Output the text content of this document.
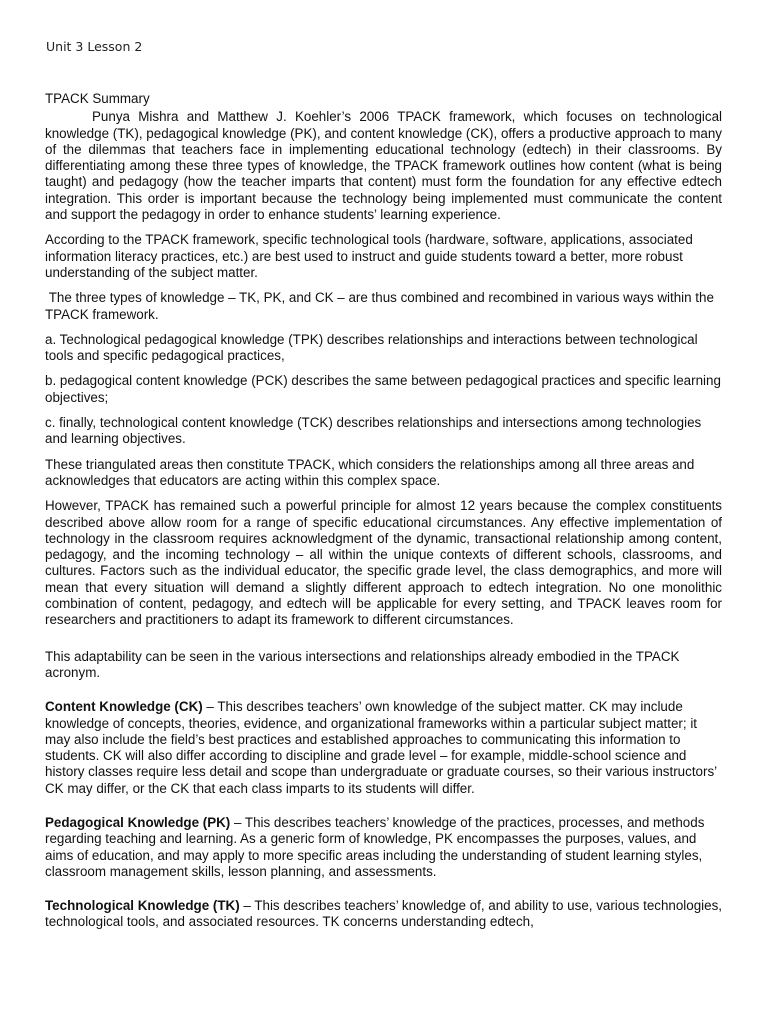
Unit 3 Lesson 2

TPACK Summary

Punya Mishra and Matthew J. Koehler’s 2006 TPACK framework, which focuses on technological knowledge (TK), pedagogical knowledge (PK), and content knowledge (CK), offers a productive approach to many of the dilemmas that teachers face in implementing educational technology (edtech) in their classrooms. By differentiating among these three types of knowledge, the TPACK framework outlines how content (what is being taught) and pedagogy (how the teacher imparts that content) must form the foundation for any effective edtech integration. This order is important because the technology being implemented must communicate the content and support the pedagogy in order to enhance students’ learning experience.

According to the TPACK framework, specific technological tools (hardware, software, applications, associated information literacy practices, etc.) are best used to instruct and guide students toward a better, more robust understanding of the subject matter.

The three types of knowledge – TK, PK, and CK – are thus combined and recombined in various ways within the TPACK framework.

a. Technological pedagogical knowledge (TPK) describes relationships and interactions between technological tools and specific pedagogical practices,

b. pedagogical content knowledge (PCK) describes the same between pedagogical practices and specific learning objectives;

c. finally, technological content knowledge (TCK) describes relationships and intersections among technologies and learning objectives.

These triangulated areas then constitute TPACK, which considers the relationships among all three areas and acknowledges that educators are acting within this complex space.

However, TPACK has remained such a powerful principle for almost 12 years because the complex constituents described above allow room for a range of specific educational circumstances. Any effective implementation of technology in the classroom requires acknowledgment of the dynamic, transactional relationship among content, pedagogy, and the incoming technology – all within the unique contexts of different schools, classrooms, and cultures. Factors such as the individual educator, the specific grade level, the class demographics, and more will mean that every situation will demand a slightly different approach to edtech integration. No one monolithic combination of content, pedagogy, and edtech will be applicable for every setting, and TPACK leaves room for researchers and practitioners to adapt its framework to different circumstances.

This adaptability can be seen in the various intersections and relationships already embodied in the TPACK acronym.

Content Knowledge (CK) – This describes teachers’ own knowledge of the subject matter. CK may include knowledge of concepts, theories, evidence, and organizational frameworks within a particular subject matter; it may also include the field’s best practices and established approaches to communicating this information to students. CK will also differ according to discipline and grade level – for example, middle-school science and history classes require less detail and scope than undergraduate or graduate courses, so their various instructors’ CK may differ, or the CK that each class imparts to its students will differ.

Pedagogical Knowledge (PK) – This describes teachers’ knowledge of the practices, processes, and methods regarding teaching and learning. As a generic form of knowledge, PK encompasses the purposes, values, and aims of education, and may apply to more specific areas including the understanding of student learning styles, classroom management skills, lesson planning, and assessments.

Technological Knowledge (TK) – This describes teachers’ knowledge of, and ability to use, various technologies, technological tools, and associated resources. TK concerns understanding edtech,
